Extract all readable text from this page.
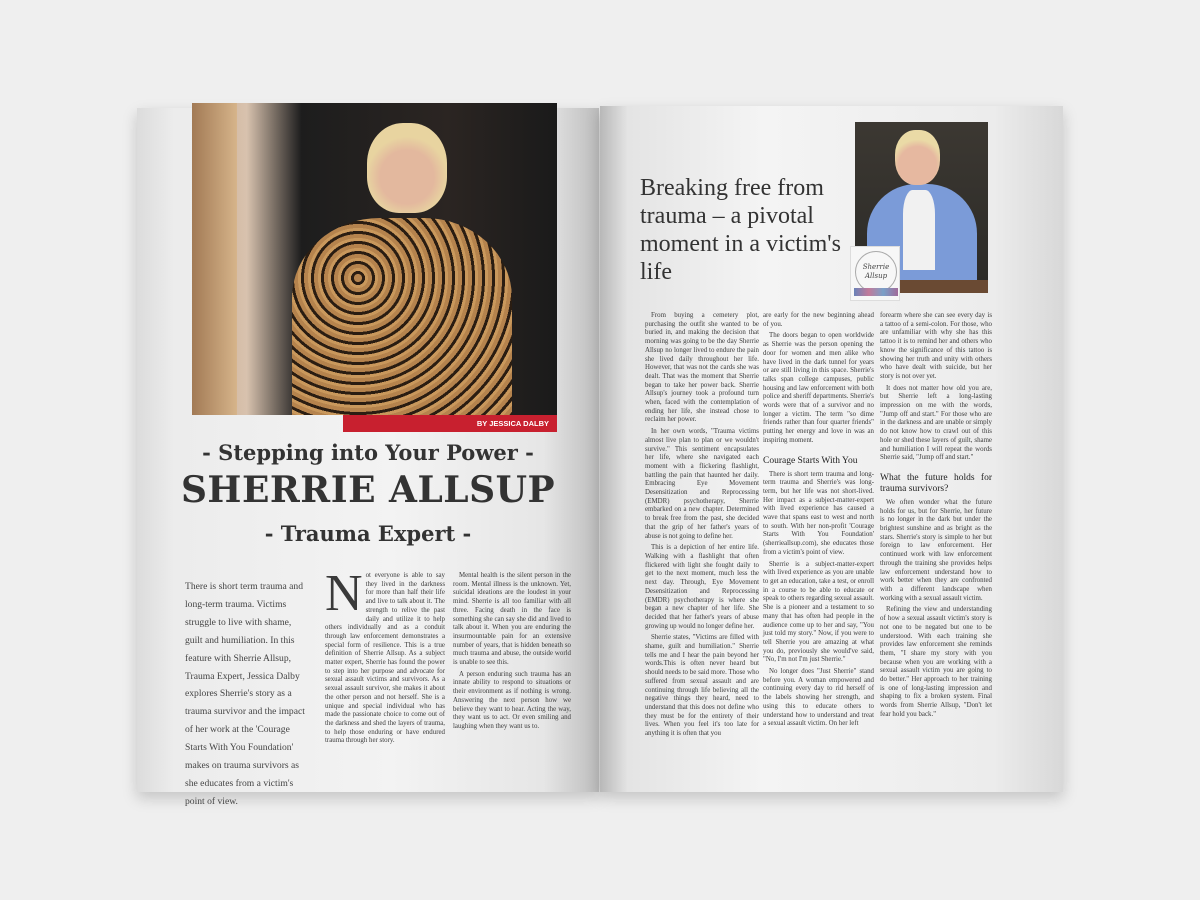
BY JESSICA DALBY
- Stepping into Your Power -
SHERRIE ALLSUP
- Trauma Expert -
There is short term trauma and long-term trauma. Victims struggle to live with shame, guilt and humiliation. In this feature with Sherrie Allsup, Trauma Expert, Jessica Dalby explores Sherrie's story as a trauma survivor and the impact of her work at the 'Courage Starts With You Foundation' makes on trauma survivors as she educates from a victim's point of view.
N ot everyone is able to say they lived in the darkness for more than half their life and live to talk about it. The strength to relive the past daily and utilize it to help others individually and as a conduit through law enforcement demonstrates a special form of resilience. This is a true definition of Sherrie Allsup. As a subject matter expert, Sherrie has found the power to step into her purpose and advocate for sexual assault victims and survivors. As a sexual assault survivor, she makes it about the other person and not herself. She is a unique and special individual who has made the passionate choice to come out of the darkness and shed the layers of trauma, to help those enduring or have endured trauma through her story.

Mental health is the silent person in the room. Mental illness is the unknown. Yet, suicidal ideations are the loudest in your mind. Sherrie is all too familiar with all three. Facing death in the face is something she can say she did and lived to talk about it. When you are enduring the insurmountable pain for an extensive number of years, that is hidden beneath so much trauma and abuse, the outside world is unable to see this.

A person enduring such trauma has an innate ability to respond to situations or their environment as if nothing is wrong. Answering the next person how we believe they want to hear. Acting the way, they want us to act. Or even smiling and laughing when they want us to.

Breaking free from trauma – a pivotal moment in a victim's life	Sherrie Allsup

From buying a cemetery plot, purchasing the outfit she wanted to be buried in, and making the decision that morning was going to be the day Sherrie Allsup no longer lived to endure the pain she lived daily throughout her life. However, that was not the cards she was dealt. That was the moment that Sherrie began to take her power back. Sherrie Allsup's journey took a profound turn when, faced with the contemplation of ending her life, she instead chose to reclaim her power.

In her own words, "Trauma victims almost live plan to plan or we wouldn't survive." This sentiment encapsulates her life, where she navigated each moment with a flickering flashlight, battling the pain that haunted her daily. Embracing Eye Movement Desensitization and Reprocessing (EMDR) psychotherapy, Sherrie embarked on a new chapter. Determined to break free from the past, she decided that the grip of her father's years of abuse is not going to define her.

This is a depiction of her entire life. Walking with a flashlight that often flickered with light she fought daily to get to the next moment, much less the next day. Through, Eye Movement Desensitization and Reprocessing (EMDR) psychotherapy is where she began a new chapter of her life. She decided that her father's years of abuse growing up would no longer define her.

Sherrie states, "Victims are filled with shame, guilt and humiliation." Sherrie tells me and I hear the pain beyond her words.This is often never heard but should needs to be said more. Those who suffered from sexual assault and are continuing through life believing all the negative things they heard, need to understand that this does not define who they must be for the entirety of their lives. When you feel it's too late for anything it is often that you

are early for the new beginning ahead of you.

The doors began to open worldwide as Sherrie was the person opening the door for women and men alike who have lived in the dark tunnel for years or are still living in this space. Sherrie's talks span college campuses, public housing and law enforcement with both police and sheriff departments. Sherrie's words were that of a survivor and no longer a victim. The term "so dime friends rather than four quarter friends" putting her energy and love in was an inspiring moment.

Courage Starts With You

There is short term trauma and long-term trauma and Sherrie's was long-term, but her life was not short-lived. Her impact as a subject-matter-expert with lived experience has caused a wave that spans east to west and north to south. With her non-profit 'Courage Starts With You Foundation' (sherrieallsup.com), she educates those from a victim's point of view.

Sherrie is a subject-matter-expert with lived experience as you are unable to get an education, take a test, or enroll in a course to be able to educate or speak to others regarding sexual assault. She is a pioneer and a testament to so many that has often had people in the audience come up to her and say, "You just told my story." Now, if you were to tell Sherrie you are amazing at what you do, previously she would've said, "No, I'm not I'm just Sherrie."

No longer does "Just Sherrie" stand before you. A woman empowered and continuing every day to rid herself of the labels showing her strength, and using this to educate others to understand how to understand and treat a sexual assault victim. On her left

forearm where she can see every day is a tattoo of a semi-colon. For those, who are unfamiliar with why she has this tattoo it is to remind her and others who know the significance of this tattoo is showing her truth and unity with others who have dealt with suicide, but her story is not over yet.

It does not matter how old you are, but Sherrie left a long-lasting impression on me with the words, "Jump off and start." For those who are in the darkness and are unable or simply do not know how to crawl out of this hole or shed these layers of guilt, shame and humiliation I will repeat the words Sherrie said, "Jump off and start."

What the future holds for trauma survivors?

We often wonder what the future holds for us, but for Sherrie, her future is no longer in the dark but under the brightest sunshine and as bright as the stars. Sherrie's story is simple to her but foreign to law enforcement. Her continued work with law enforcement through the training she provides helps law enforcement understand how to work better when they are confronted with a different landscape when working with a sexual assault victim.

Refining the view and understanding of how a sexual assault victim's story is not one to be negated but one to be understood. With each training she provides law enforcement she reminds them, "I share my story with you because when you are working with a sexual assault victim you are going to do better." Her approach to her training is one of long-lasting impression and shaping to fix a broken system. Final words from Sherrie Allsup, "Don't let fear hold you back."
